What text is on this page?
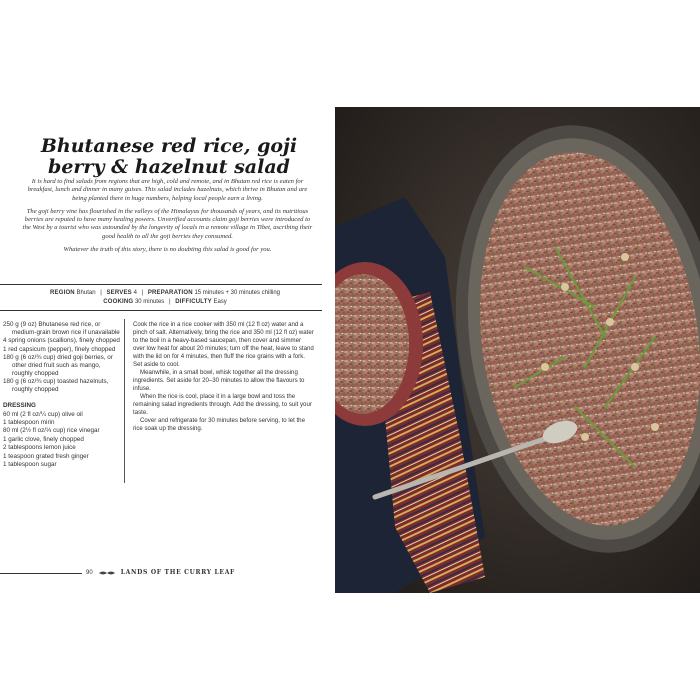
Bhutanese red rice, goji berry & hazelnut salad

It is hard to find salads from regions that are high, cold and remote, and in Bhutan red rice is eaten for breakfast, lunch and dinner in many guises. This salad includes hazelnuts, which thrive in Bhutan and are being planted there in huge numbers, helping local people earn a living.

The goji berry vine has flourished in the valleys of the Himalayas for thousands of years, and its nutritious berries are reputed to have many healing powers. Unverified accounts claim goji berries were introduced to the West by a tourist who was astounded by the longevity of locals in a remote village in Tibet, ascribing their good health to all the goji berries they consumed.

Whatever the truth of this story, there is no doubting this salad is good for you.

REGION Bhutan | SERVES 4 | PREPARATION 15 minutes + 30 minutes chilling
COOKING 30 minutes | DIFFICULTY Easy
250 g (9 oz) Bhutanese red rice, or medium-grain brown rice if unavailable
4 spring onions (scallions), finely chopped
1 red capsicum (pepper), finely chopped
180 g (6 oz/¾ cup) dried goji berries, or other dried fruit such as mango, roughly chopped
180 g (6 oz/¾ cup) toasted hazelnuts, roughly chopped
DRESSING
60 ml (2 fl oz/¼ cup) olive oil
1 tablespoon mirin
80 ml (2½ fl oz/⅓ cup) rice vinegar
1 garlic clove, finely chopped
2 tablespoons lemon juice
1 teaspoon grated fresh ginger
1 tablespoon sugar

Cook the rice in a rice cooker with 350 ml (12 fl oz) water and a pinch of salt. Alternatively, bring the rice and 350 ml (12 fl oz) water to the boil in a heavy-based saucepan, then cover and simmer over low heat for about 20 minutes; turn off the heat, leave to stand with the lid on for 4 minutes, then fluff the rice grains with a fork. Set aside to cool.

Meanwhile, in a small bowl, whisk together all the dressing ingredients. Set aside for 20–30 minutes to allow the flavours to infuse.

When the rice is cool, place it in a large bowl and toss the remaining salad ingredients through. Add the dressing, to suit your taste.

Cover and refrigerate for 30 minutes before serving, to let the rice soak up the dressing.

90	LANDS OF THE CURRY LEAF
